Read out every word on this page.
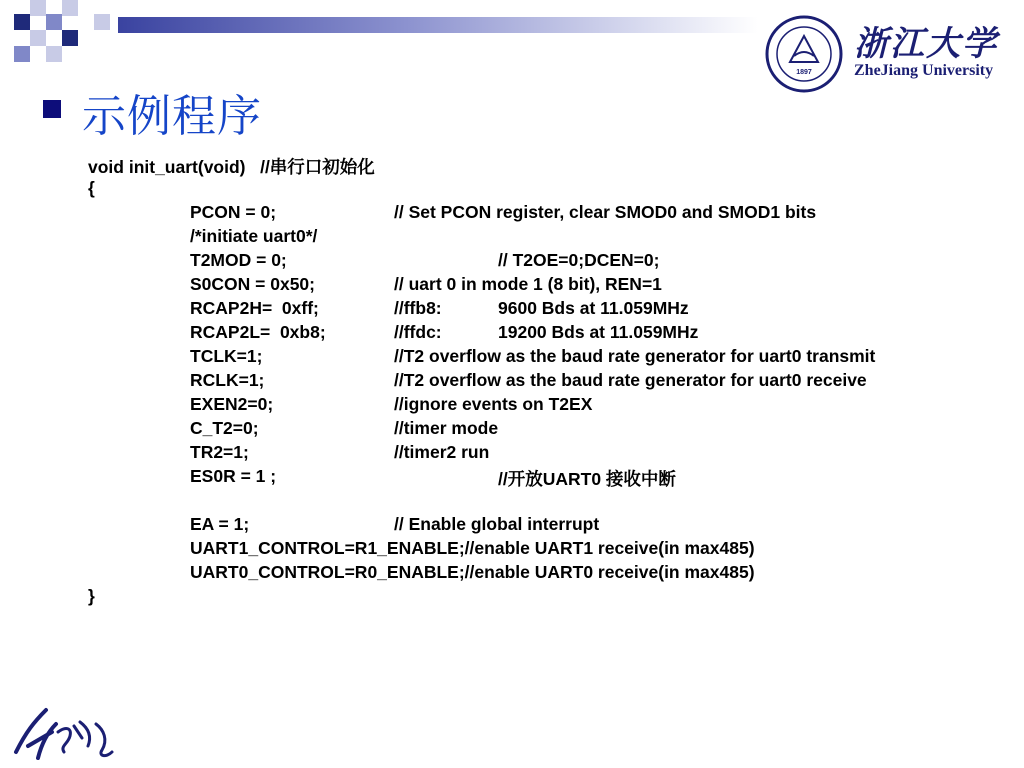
1897
浙江大学
ZheJiang University
示例程序
void init_uart(void)   //串行口初始化
{
PCON = 0;	// Set PCON register, clear SMOD0 and SMOD1 bits
/*initiate uart0*/
T2MOD = 0;	// T2OE=0;DCEN=0;
S0CON = 0x50;	// uart 0 in mode 1 (8 bit), REN=1
RCAP2H=  0xff;	//ffb8:	9600 Bds at 11.059MHz
RCAP2L=  0xb8;	//ffdc:	19200 Bds at 11.059MHz
TCLK=1;	//T2 overflow as the baud rate generator for uart0 transmit
RCLK=1;	//T2 overflow as the baud rate generator for uart0 receive
EXEN2=0;	//ignore events on T2EX
C_T2=0;	//timer mode
TR2=1;	//timer2 run
ES0R = 1 ;	//开放UART0 接收中断
EA = 1;	// Enable global interrupt
UART1_CONTROL=R1_ENABLE;//enable UART1 receive(in max485)
UART0_CONTROL=R0_ENABLE;//enable UART0 receive(in max485)
}
